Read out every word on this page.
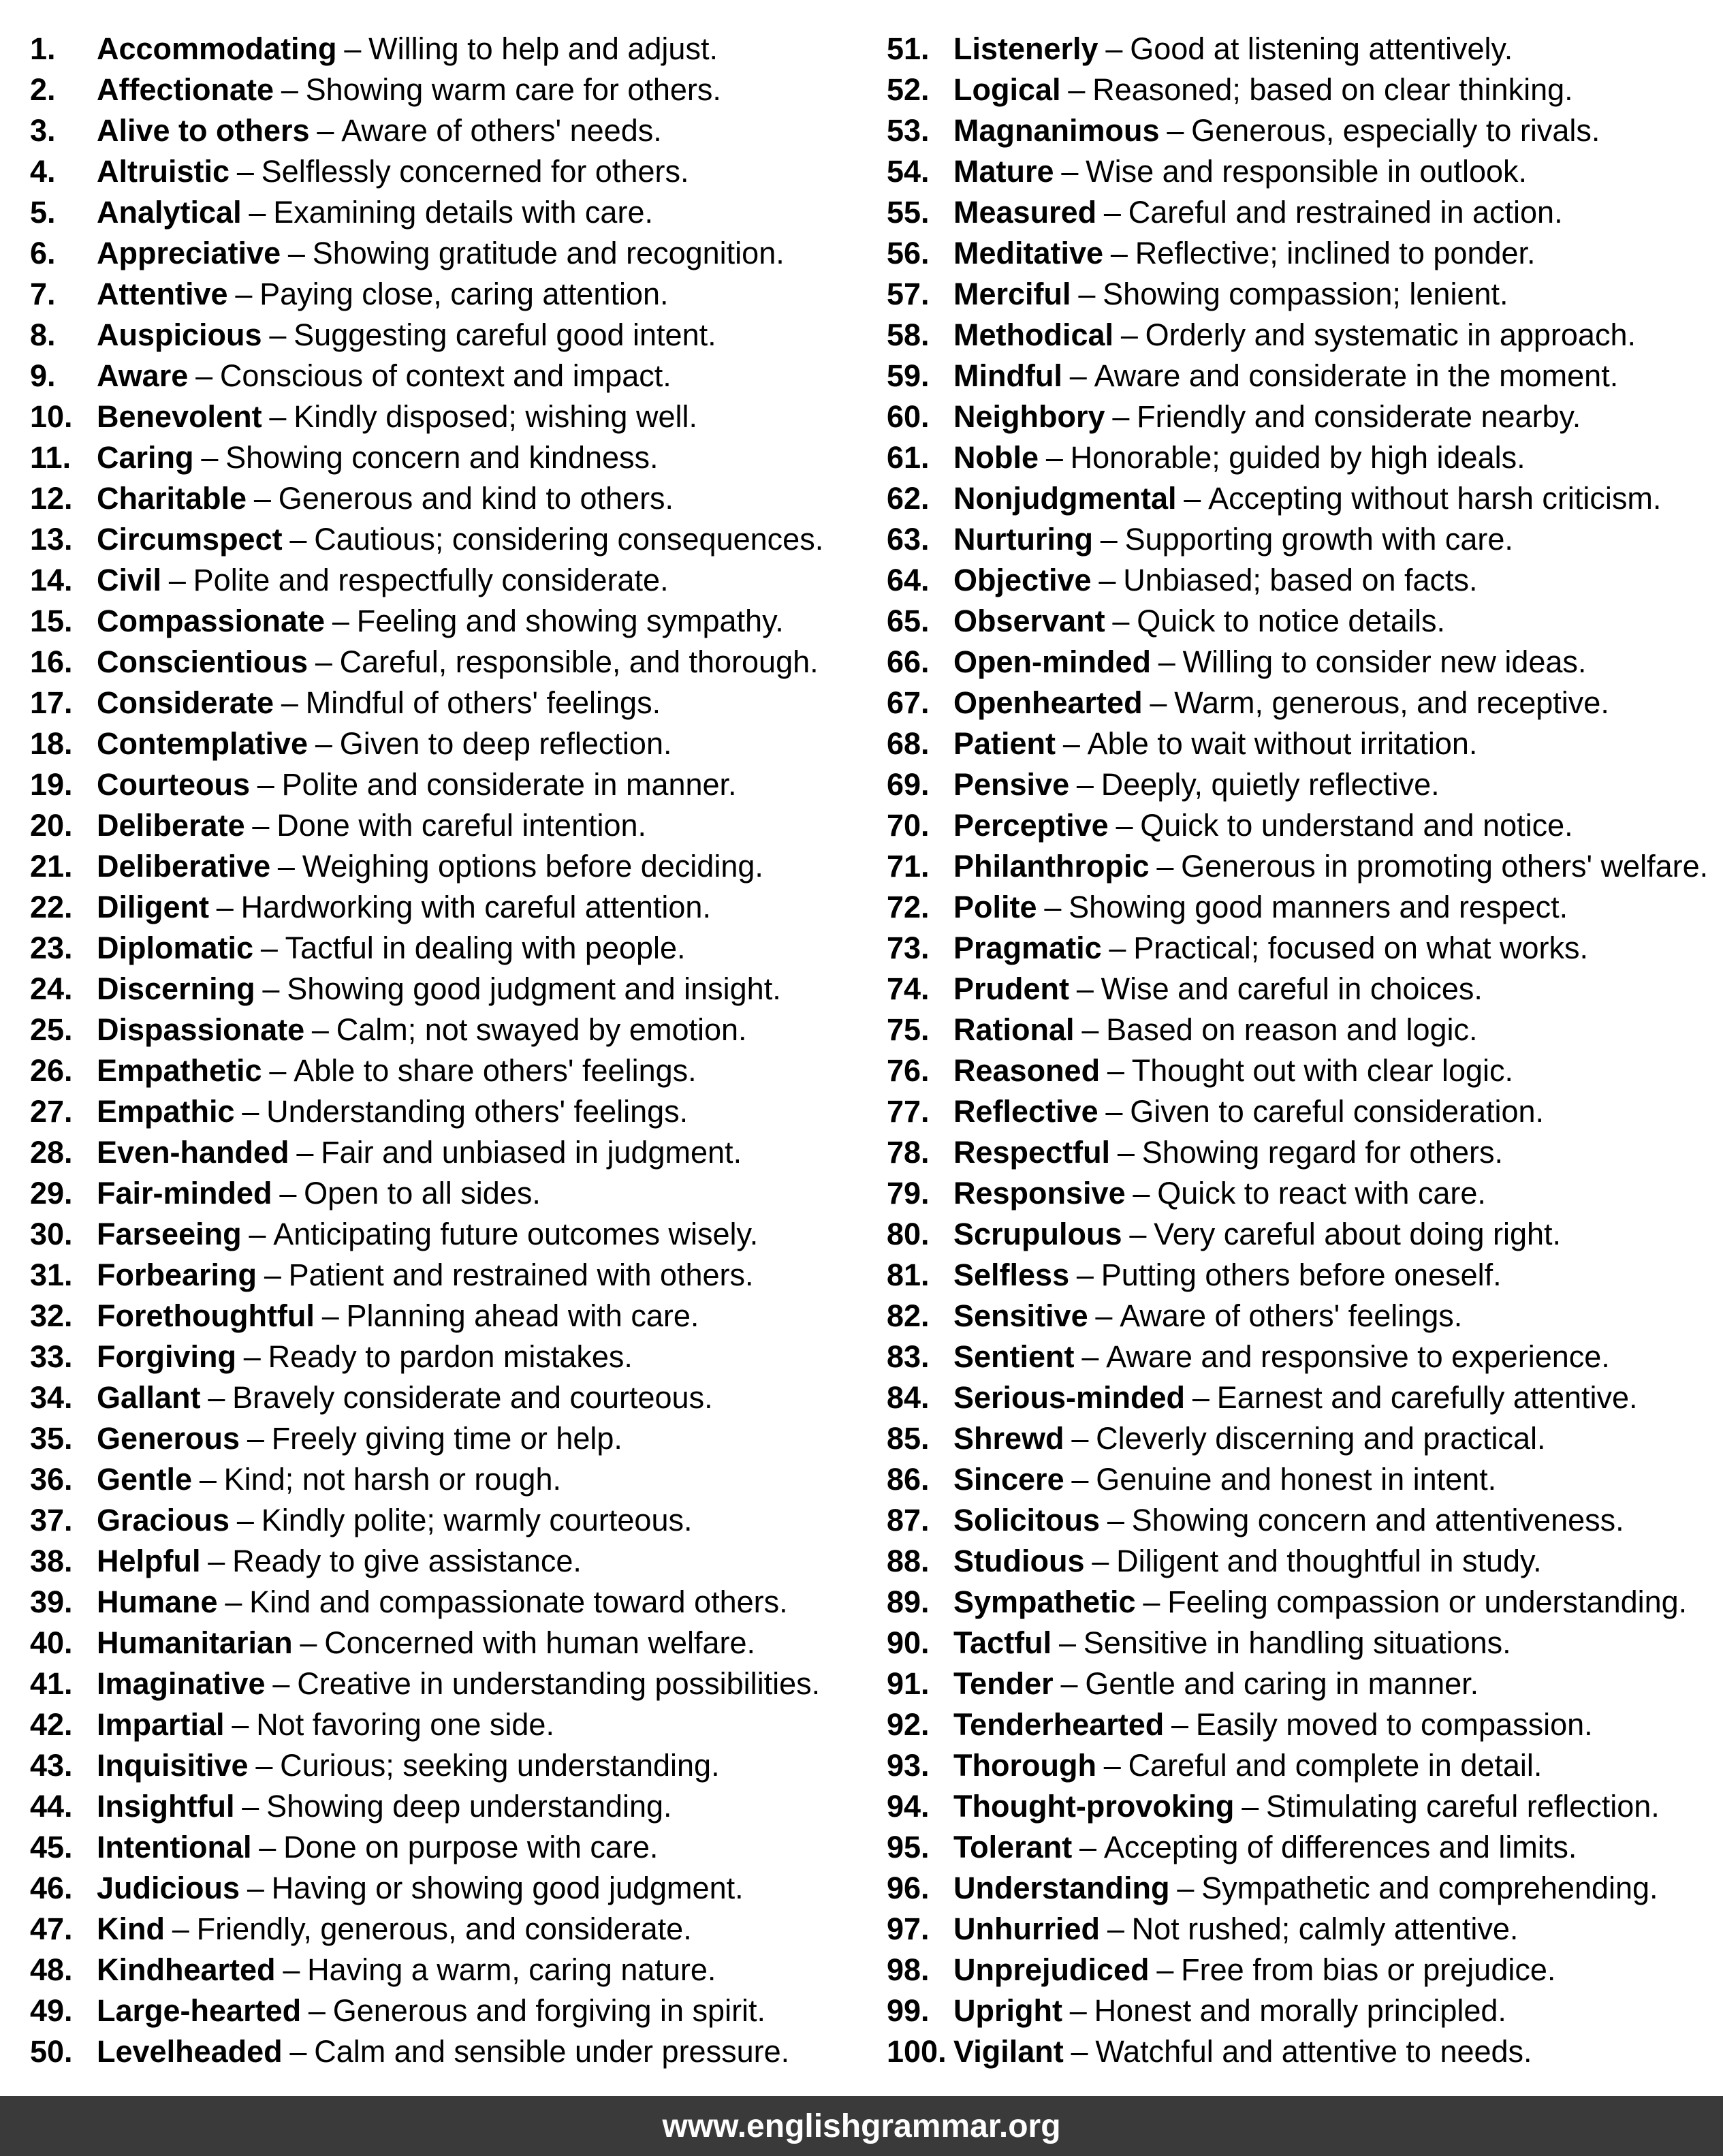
1.	Accommodating – Willing to help and adjust.
2.	Affectionate – Showing warm care for others.
3.	Alive to others – Aware of others' needs.
4.	Altruistic – Selflessly concerned for others.
5.	Analytical – Examining details with care.
6.	Appreciative – Showing gratitude and recognition.
7.	Attentive – Paying close, caring attention.
8.	Auspicious – Suggesting careful good intent.
9.	Aware – Conscious of context and impact.
10. Benevolent – Kindly disposed; wishing well.
11. Caring – Showing concern and kindness.
12. Charitable – Generous and kind to others.
13. Circumspect – Cautious; considering consequences.
14. Civil – Polite and respectfully considerate.
15. Compassionate – Feeling and showing sympathy.
16. Conscientious – Careful, responsible, and thorough.
17. Considerate – Mindful of others' feelings.
18. Contemplative – Given to deep reflection.
19. Courteous – Polite and considerate in manner.
20. Deliberate – Done with careful intention.
21. Deliberative – Weighing options before deciding.
22. Diligent – Hardworking with careful attention.
23. Diplomatic – Tactful in dealing with people.
24. Discerning – Showing good judgment and insight.
25. Dispassionate – Calm; not swayed by emotion.
26. Empathetic – Able to share others' feelings.
27. Empathic – Understanding others' feelings.
28. Even-handed – Fair and unbiased in judgment.
29. Fair-minded – Open to all sides.
30. Farseeing – Anticipating future outcomes wisely.
31. Forbearing – Patient and restrained with others.
32. Forethoughtful – Planning ahead with care.
33. Forgiving – Ready to pardon mistakes.
34. Gallant – Bravely considerate and courteous.
35. Generous – Freely giving time or help.
36. Gentle – Kind; not harsh or rough.
37. Gracious – Kindly polite; warmly courteous.
38. Helpful – Ready to give assistance.
39. Humane – Kind and compassionate toward others.
40. Humanitarian – Concerned with human welfare.
41. Imaginative – Creative in understanding possibilities.
42. Impartial – Not favoring one side.
43. Inquisitive – Curious; seeking understanding.
44. Insightful – Showing deep understanding.
45. Intentional – Done on purpose with care.
46. Judicious – Having or showing good judgment.
47. Kind – Friendly, generous, and considerate.
48. Kindhearted – Having a warm, caring nature.
49. Large-hearted – Generous and forgiving in spirit.
50. Levelheaded – Calm and sensible under pressure.
51. Listenerly – Good at listening attentively.
52. Logical – Reasoned; based on clear thinking.
53. Magnanimous – Generous, especially to rivals.
54. Mature – Wise and responsible in outlook.
55. Measured – Careful and restrained in action.
56. Meditative – Reflective; inclined to ponder.
57. Merciful – Showing compassion; lenient.
58. Methodical – Orderly and systematic in approach.
59. Mindful – Aware and considerate in the moment.
60. Neighbory – Friendly and considerate nearby.
61. Noble – Honorable; guided by high ideals.
62. Nonjudgmental – Accepting without harsh criticism.
63. Nurturing – Supporting growth with care.
64. Objective – Unbiased; based on facts.
65. Observant – Quick to notice details.
66. Open-minded – Willing to consider new ideas.
67. Openhearted – Warm, generous, and receptive.
68. Patient – Able to wait without irritation.
69. Pensive – Deeply, quietly reflective.
70. Perceptive – Quick to understand and notice.
71. Philanthropic – Generous in promoting others' welfare.
72. Polite – Showing good manners and respect.
73. Pragmatic – Practical; focused on what works.
74. Prudent – Wise and careful in choices.
75. Rational – Based on reason and logic.
76. Reasoned – Thought out with clear logic.
77. Reflective – Given to careful consideration.
78. Respectful – Showing regard for others.
79. Responsive – Quick to react with care.
80. Scrupulous – Very careful about doing right.
81. Selfless – Putting others before oneself.
82. Sensitive – Aware of others' feelings.
83. Sentient – Aware and responsive to experience.
84. Serious-minded – Earnest and carefully attentive.
85. Shrewd – Cleverly discerning and practical.
86. Sincere – Genuine and honest in intent.
87. Solicitous – Showing concern and attentiveness.
88. Studious – Diligent and thoughtful in study.
89. Sympathetic – Feeling compassion or understanding.
90. Tactful – Sensitive in handling situations.
91. Tender – Gentle and caring in manner.
92. Tenderhearted – Easily moved to compassion.
93. Thorough – Careful and complete in detail.
94. Thought-provoking – Stimulating careful reflection.
95. Tolerant – Accepting of differences and limits.
96. Understanding – Sympathetic and comprehending.
97. Unhurried – Not rushed; calmly attentive.
98. Unprejudiced – Free from bias or prejudice.
99. Upright – Honest and morally principled.
100. Vigilant – Watchful and attentive to needs.
www.englishgrammar.org
